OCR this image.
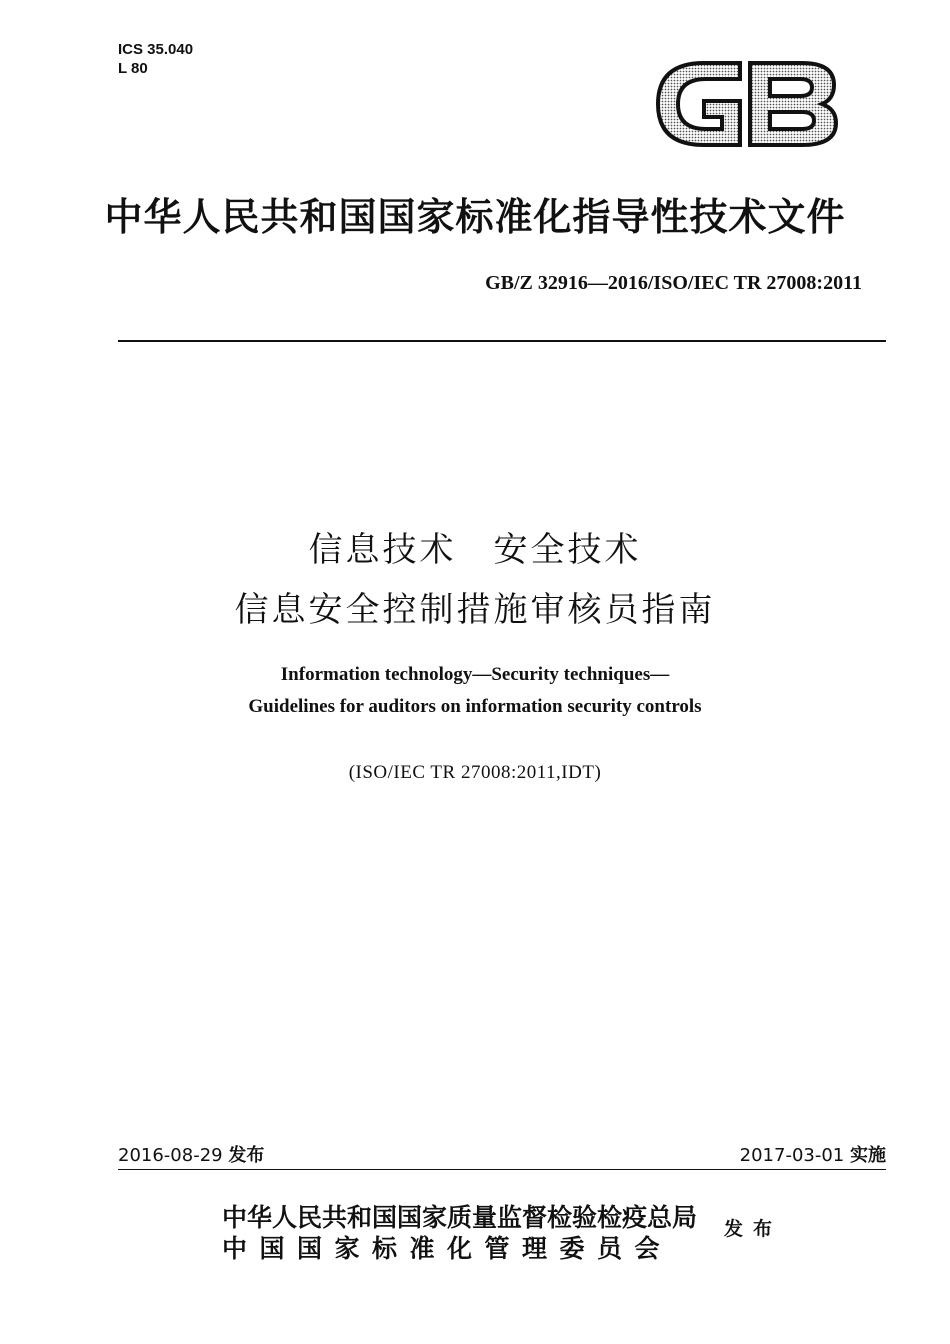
ICS 35.040
L 80
中华人民共和国国家标准化指导性技术文件
GB/Z 32916—2016/ISO/IEC TR 27008:2011
信息技术　安全技术
信息安全控制措施审核员指南
Information technology—Security techniques—
Guidelines for auditors on information security controls
(ISO/IEC TR 27008:2011,IDT)
2016-08-29 发布	2017-03-01 实施
中华人民共和国国家质量监督检验检疫总局
中国国家标准化管理委员会
发布
